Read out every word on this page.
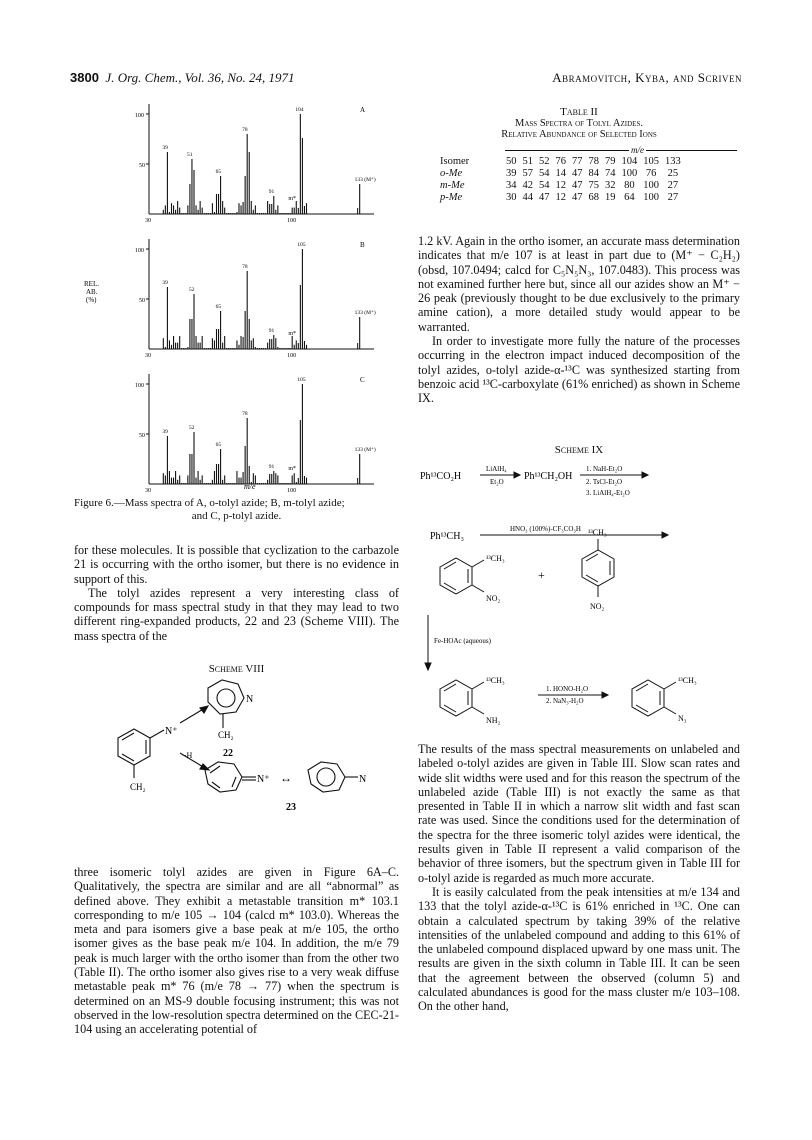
3800 J. Org. Chem., Vol. 36, No. 24, 1971	Abramovitch, Kyba, and Scriven
100
50
30	100
A
39
51
65
78
91
104
133 (M⁺)
m*
100
50
30	100
B
39
52
65
78
91
105
133 (M⁺)
m*
100
50
30	100
C
39
52
65
78
91
105
133 (M⁺)
m*
REL.
AB.
(%)
m/e
Figure 6.—Mass spectra of A, o-tolyl azide; B, m-tolyl azide;
and C, p-tolyl azide.

for these molecules. It is possible that cyclization to the carbazole 21 is occurring with the ortho isomer, but there is no evidence in support of this.

The tolyl azides represent a very interesting class of compounds for mass spectral study in that they may lead to two different ring-expanded products, 22 and 23 (Scheme VIII). The mass spectra of the

Scheme VIII
N⁺
CH₂
N
CH₂
22
−H
N⁺ ↔	N
23

three isomeric tolyl azides are given in Figure 6A–C. Qualitatively, the spectra are similar and are all “abnormal” as defined above. They exhibit a metastable transition m* 103.1 corresponding to m/e 105 → 104 (calcd m* 103.0). Whereas the meta and para isomers give a base peak at m/e 105, the ortho isomer gives as the base peak m/e 104. In addition, the m/e 79 peak is much larger with the ortho isomer than from the other two (Table II). The ortho isomer also gives rise to a very weak diffuse metastable peak m* 76 (m/e 78 → 77) when the spectrum is determined on an MS-9 double focusing instrument; this was not observed in the low-resolution spectra determined on the CEC-21-104 using an accelerating potential of

Table II
Mass Spectra of Tolyl Azides.
Relative Abundance of Selected Ions
m/e
Isomer	50	51	52	76	77	78	79	104	105	133
o-Me	39	57	54	14	47	84	74	100	76	25
m-Me	34	42	54	12	47	75	32	80	100	27
p-Me	30	44	47	12	47	68	19	64	100	27

1.2 kV. Again in the ortho isomer, an accurate mass determination indicates that m/e 107 is at least in part due to (M⁺ − C₂H₂) (obsd, 107.0494; calcd for C₅N₅N₃, 107.0483). This process was not examined further here but, since all our azides show an M⁺ − 26 peak (previously thought to be due exclusively to the primary amine cation), a more detailed study would appear to be warranted.

In order to investigate more fully the nature of the processes occurring in the electron impact induced decomposition of the tolyl azides, o-tolyl azide-α-¹³C was synthesized starting from benzoic acid ¹³C-carboxylate (61% enriched) as shown in Scheme IX.

Scheme IX
Ph¹³CO₂H
LiAlH₄
Et₂O Ph¹³CH₂OH
1. NaH-Et₂O
2. TsCl-Et₂O
3. LiAlH₄-Et₂O
Ph¹³CH₃
HNO₃ (100%)-CF₃CO₃H
¹³CH₃
NO₂
+
¹³CH₃
NO₂
Fe-HOAc (aqueous)
¹³CH₃
NH₂
1. HONO-H₂O
2. NaN₃-H₂O
¹³CH₃
N₃

The results of the mass spectral measurements on unlabeled and labeled o-tolyl azides are given in Table III. Slow scan rates and wide slit widths were used and for this reason the spectrum of the unlabeled azide (Table III) is not exactly the same as that presented in Table II in which a narrow slit width and fast scan rate was used. Since the conditions used for the determination of the spectra for the three isomeric tolyl azides were identical, the results given in Table II represent a valid comparison of the behavior of three isomers, but the spectrum given in Table III for o-tolyl azide is regarded as much more accurate.

It is easily calculated from the peak intensities at m/e 134 and 133 that the tolyl azide-α-¹³C is 61% enriched in ¹³C. One can obtain a calculated spectrum by taking 39% of the relative intensities of the unlabeled compound and adding to this 61% of the unlabeled compound displaced upward by one mass unit. The results are given in the sixth column in Table III. It can be seen that the agreement between the observed (column 5) and calculated abundances is good for the mass cluster m/e 103–108. On the other hand,
